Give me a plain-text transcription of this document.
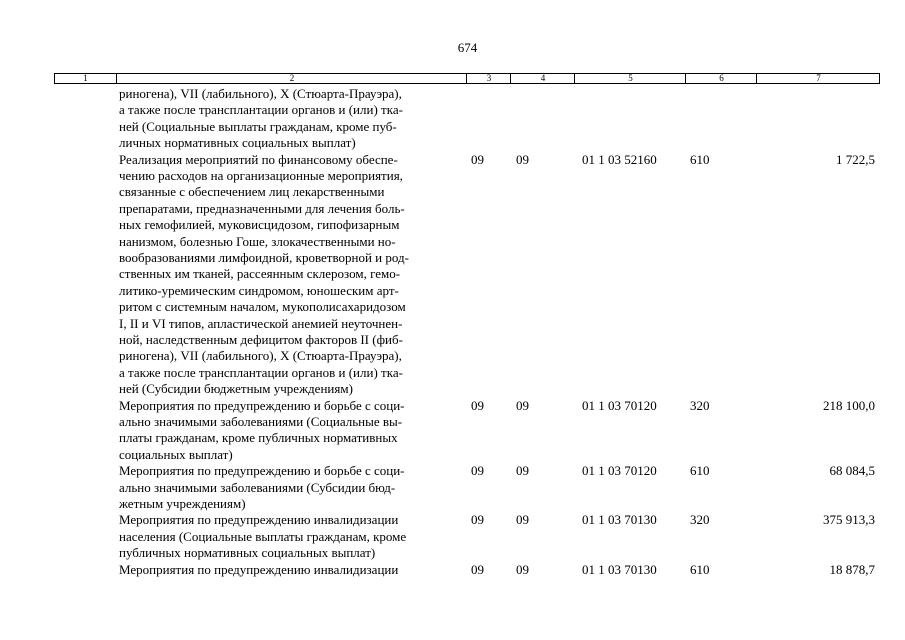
674
1	2	3	4	5	6	7
риногена), VII (лабильного), X (Стюарта-Прауэра),
а также после трансплантации органов и (или) тка-
ней (Социальные выплаты гражданам, кроме пуб-
личных нормативных социальных выплат)
Реализация мероприятий по финансовому обеспе-
чению расходов на организационные мероприятия,
связанные с обеспечением лиц лекарственными
препаратами, предназначенными для лечения боль-
ных гемофилией, муковисцидозом, гипофизарным
нанизмом, болезнью Гоше, злокачественными но-
вообразованиями лимфоидной, кроветворной и род-
ственных им тканей, рассеянным склерозом, гемо-
литико-уремическим синдромом, юношеским арт-
ритом с системным началом, мукополисахаридозом
I, II и VI типов, апластической анемией неуточнен-
ной, наследственным дефицитом факторов II (фиб-
риногена), VII (лабильного), X (Стюарта-Прауэра),
а также после трансплантации органов и (или) тка-
ней (Субсидии бюджетным учреждениям)
09 09	01 1 03 52160	610	1 722,5
Мероприятия по предупреждению и борьбе с соци-
ально значимыми заболеваниями (Социальные вы-
платы гражданам, кроме публичных нормативных
социальных выплат)
09 09	01 1 03 70120	320	218 100,0
Мероприятия по предупреждению и борьбе с соци-
ально значимыми заболеваниями (Субсидии бюд-
жетным учреждениям)
09 09	01 1 03 70120	610	68 084,5
Мероприятия по предупреждению инвалидизации
населения (Социальные выплаты гражданам, кроме
публичных нормативных социальных выплат)
09 09	01 1 03 70130	320	375 913,3
Мероприятия по предупреждению инвалидизации	09 09	01 1 03 70130	610	18 878,7
